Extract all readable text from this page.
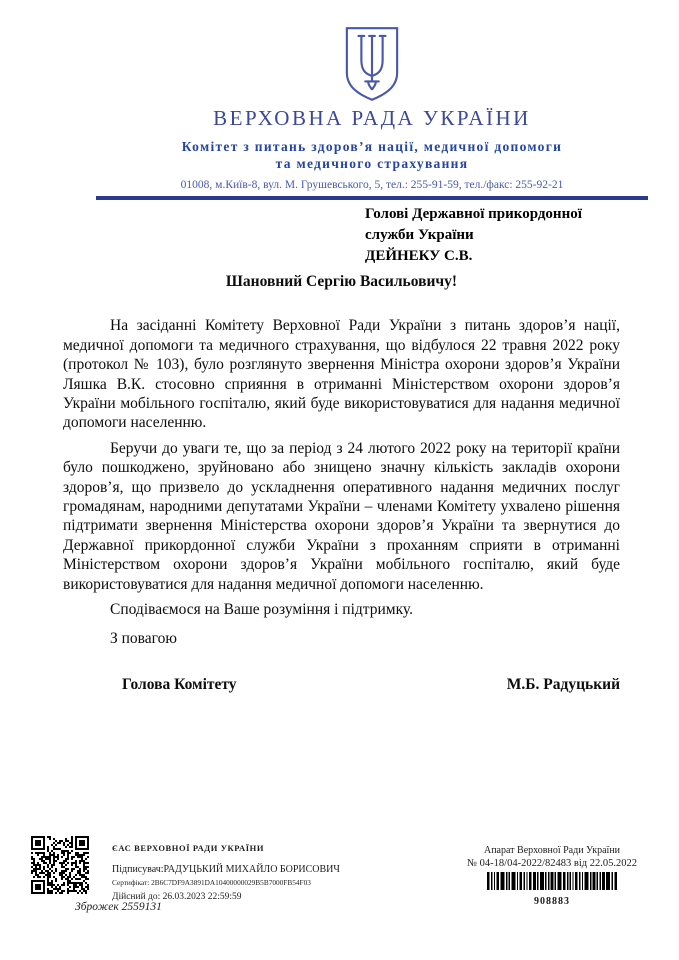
ВЕРХОВНА РАДА УКРАЇНИ
Комітет з питань здоров’я нації, медичної допомоги
та медичного страхування
01008, м.Київ-8, вул. М. Грушевського, 5, тел.: 255-91-59, тел./факс: 255-92-21
Голові Державної прикордонної
служби України
ДЕЙНЕКУ С.В.
Шановний Сергію Васильовичу!

На засіданні Комітету Верховної Ради України з питань здоров’я нації, медичної допомоги та медичного страхування, що відбулося 22 травня 2022 року (протокол № 103), було розглянуто звернення Міністра охорони здоров’я України Ляшка В.К. стосовно сприяння в отриманні Міністерством охорони здоров’я України мобільного госпіталю, який буде використовуватися для надання медичної допомоги населенню.

Беручи до уваги те, що за період з 24 лютого 2022 року на території країни було пошкоджено, зруйновано або знищено значну кількість закладів охорони здоров’я, що призвело до ускладнення оперативного надання медичних послуг громадянам, народними депутатами України – членами Комітету ухвалено рішення підтримати звернення Міністерства охорони здоров’я України та звернутися до Державної прикордонної служби України з проханням сприяти в отриманні Міністерством охорони здоров’я України мобільного госпіталю, який буде використовуватися для надання медичної допомоги населенню.

Сподіваємося на Ваше розуміння і підтримку.

З повагою

Голова Комітету	М.Б. Радуцький
ЄАС ВЕРХОВНОЇ РАДИ УКРАЇНИ
Підписувач:РАДУЦЬКИЙ МИХАЙЛО БОРИСОВИЧ
Сертифікат: 2B6C7DF9A3891DA10400000029B5B7000FB54F03
Дійсний до: 26.03.2023 22:59:59
Зброжек 2559131
Апарат Верховної Ради України
№ 04-18/04-2022/82483 від 22.05.2022
908883
